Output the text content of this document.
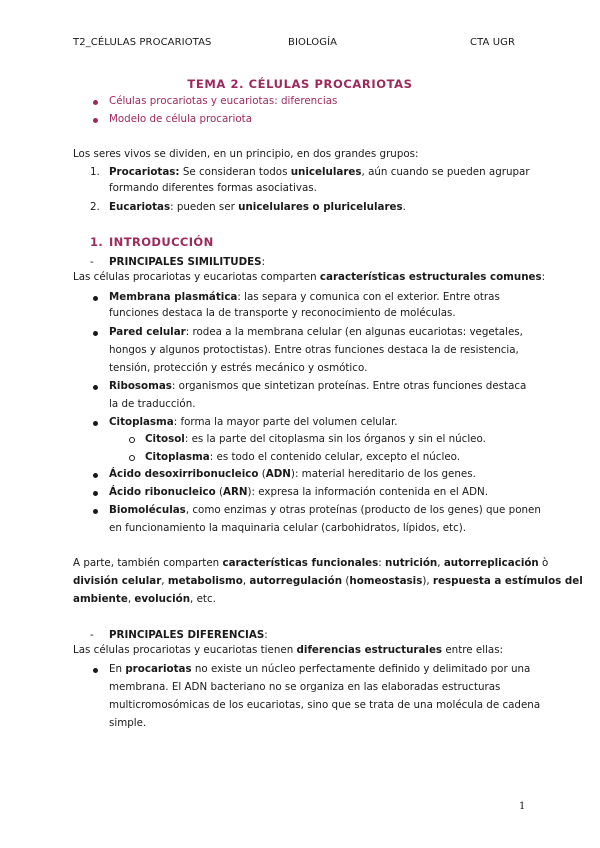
T2_CÉLULAS PROCARIOTAS	BIOLOGÍA	CTA UGR
TEMA 2. CÉLULAS PROCARIOTAS
Células procariotas y eucariotas: diferencias
Modelo de célula procariota
Los seres vivos se dividen, en un principio, en dos grandes grupos:
1. Procariotas: Se consideran todos unicelulares, aún cuando se pueden agrupar
formando diferentes formas asociativas.
2. Eucariotas: pueden ser unicelulares o pluricelulares.
1. INTRODUCCIÓN
- PRINCIPALES SIMILITUDES:
Las células procariotas y eucariotas comparten características estructurales comunes:
Membrana plasmática: las separa y comunica con el exterior. Entre otras
funciones destaca la de transporte y reconocimiento de moléculas.
Pared celular: rodea a la membrana celular (en algunas eucariotas: vegetales,
hongos y algunos protoctistas). Entre otras funciones destaca la de resistencia,
tensión, protección y estrés mecánico y osmótico.
Ribosomas: organismos que sintetizan proteínas. Entre otras funciones destaca
la de traducción.
Citoplasma: forma la mayor parte del volumen celular.
Citosol: es la parte del citoplasma sin los órganos y sin el núcleo.
Citoplasma: es todo el contenido celular, excepto el núcleo.
Ácido desoxirribonucleico (ADN): material hereditario de los genes.
Ácido ribonucleico (ARN): expresa la información contenida en el ADN.
Biomoléculas, como enzimas y otras proteínas (producto de los genes) que ponen
en funcionamiento la maquinaria celular (carbohidratos, lípidos, etc).
A parte, también comparten características funcionales: nutrición, autorreplicación ò
división celular, metabolismo, autorregulación (homeostasis), respuesta a estímulos del
ambiente, evolución, etc.
- PRINCIPALES DIFERENCIAS:
Las células procariotas y eucariotas tienen diferencias estructurales entre ellas:
En procariotas no existe un núcleo perfectamente definido y delimitado por una
membrana. El ADN bacteriano no se organiza en las elaboradas estructuras
multicromosómicas de los eucariotas, sino que se trata de una molécula de cadena
simple.
1
